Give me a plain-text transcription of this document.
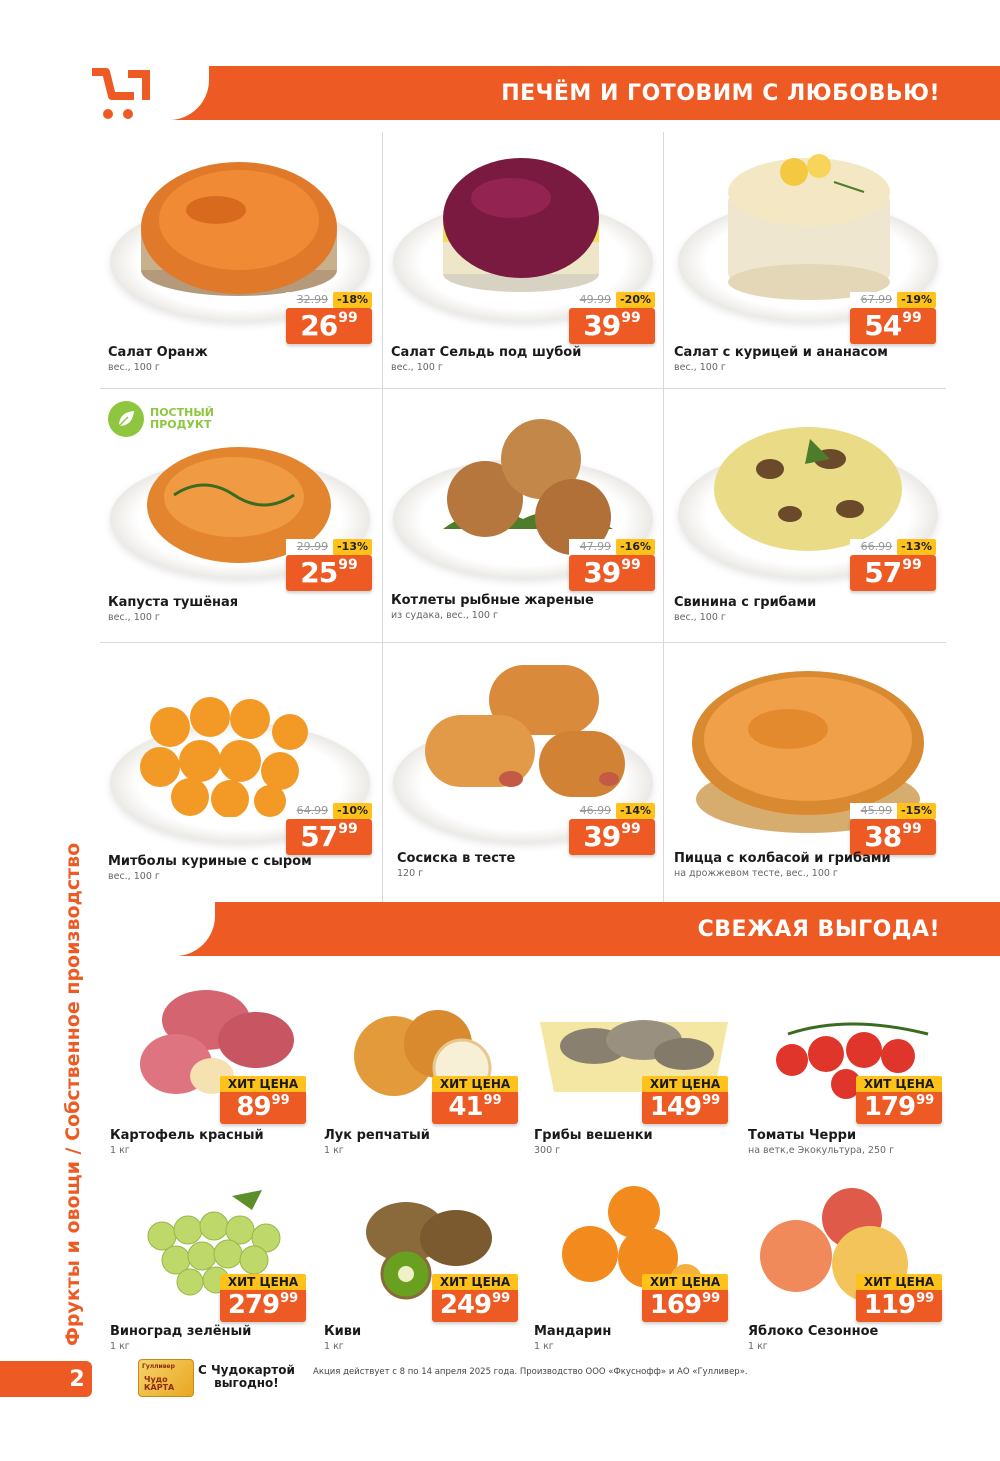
ПЕЧЁМ И ГОТОВИМ С ЛЮБОВЬЮ!
32.99 -18%
26 99
Салат Оранж
вес., 100 г
49.99 -20%
39 99
Салат Сельдь под шубой
вес., 100 г
67.99 -19%
54 99
Салат с курицей и ананасом
вес., 100 г
ПОСТНЫЙ
ПРОДУКТ
29.99 -13%
25 99
Капуста тушёная
вес., 100 г
47.99 -16%
39 99
Котлеты рыбные жареные
из судака, вес., 100 г
66.99 -13%
57 99
Свинина с грибами
вес., 100 г
64.99 -10%
57 99
Митболы куриные с сыром
вес., 100 г
46.99 -14%
39 99
Сосиска в тесте
120 г
45.99 -15%
38 99
Пицца с колбасой и грибами
на дрожжевом тесте, вес., 100 г
СВЕЖАЯ ВЫГОДА!
ХИТ ЦЕНА
89 99
Картофель красный
1 кг
ХИТ ЦЕНА
41 99
Лук репчатый
1 кг
ХИТ ЦЕНА
149 99
Грибы вешенки
300 г
ХИТ ЦЕНА
179 99
Томаты Черри
на ветк,е Экокультура, 250 г
ХИТ ЦЕНА
279 99
Виноград зелёный
1 кг
ХИТ ЦЕНА
249 99
Киви
1 кг
ХИТ ЦЕНА
169 99
Мандарин
1 кг
ХИТ ЦЕНА
119 99
Яблоко Сезонное
1 кг
Фрукты и овощи / Собственное производство
2	Гулливер
Чудо
КАРТА
С Чудокартой
выгодно!
Акция действует с 8 по 14 апреля 2025 года. Производство ООО «Фкуснофф» и АО «Гулливер».
